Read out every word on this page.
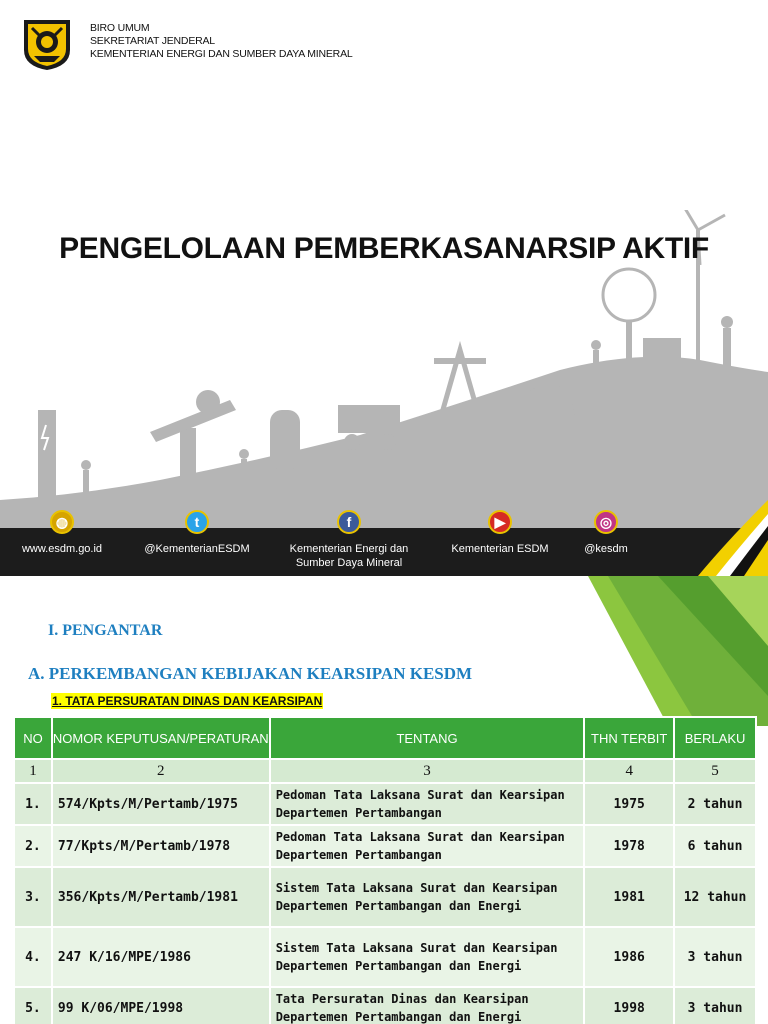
BIRO UMUM
SEKRETARIAT JENDERAL
KEMENTERIAN ENERGI DAN SUMBER DAYA MINERAL
◍
www.esdm.go.id
t
@KementerianESDM
f
Kementerian Energi dan Sumber Daya Mineral
▶
Kementerian ESDM
◎
@kesdm
PENGELOLAAN PEMBERKASANARSIP AKTIF
I. PENGANTAR
A. PERKEMBANGAN KEBIJAKAN KEARSIPAN KESDM
1. TATA PERSURATAN DINAS DAN KEARSIPAN
NO	NOMOR KEPUTUSAN/PERATURAN	TENTANG	THN TERBIT	BERLAKU
1	2	3	4	5
1.	574/Kpts/M/Pertamb/1975	Pedoman Tata Laksana Surat dan Kearsipan Departemen Pertambangan	1975	2 tahun
2.	77/Kpts/M/Pertamb/1978	Pedoman Tata Laksana Surat dan Kearsipan Departemen Pertambangan	1978	6 tahun
3.	356/Kpts/M/Pertamb/1981	Sistem Tata Laksana Surat dan Kearsipan Departemen Pertambangan dan Energi	1981	12 tahun
4.	247 K/16/MPE/1986	Sistem Tata Laksana Surat dan Kearsipan Departemen Pertambangan dan Energi	1986	3 tahun
5.	99 K/06/MPE/1998	Tata Persuratan Dinas dan Kearsipan Departemen Pertambangan dan Energi	1998	3 tahun
